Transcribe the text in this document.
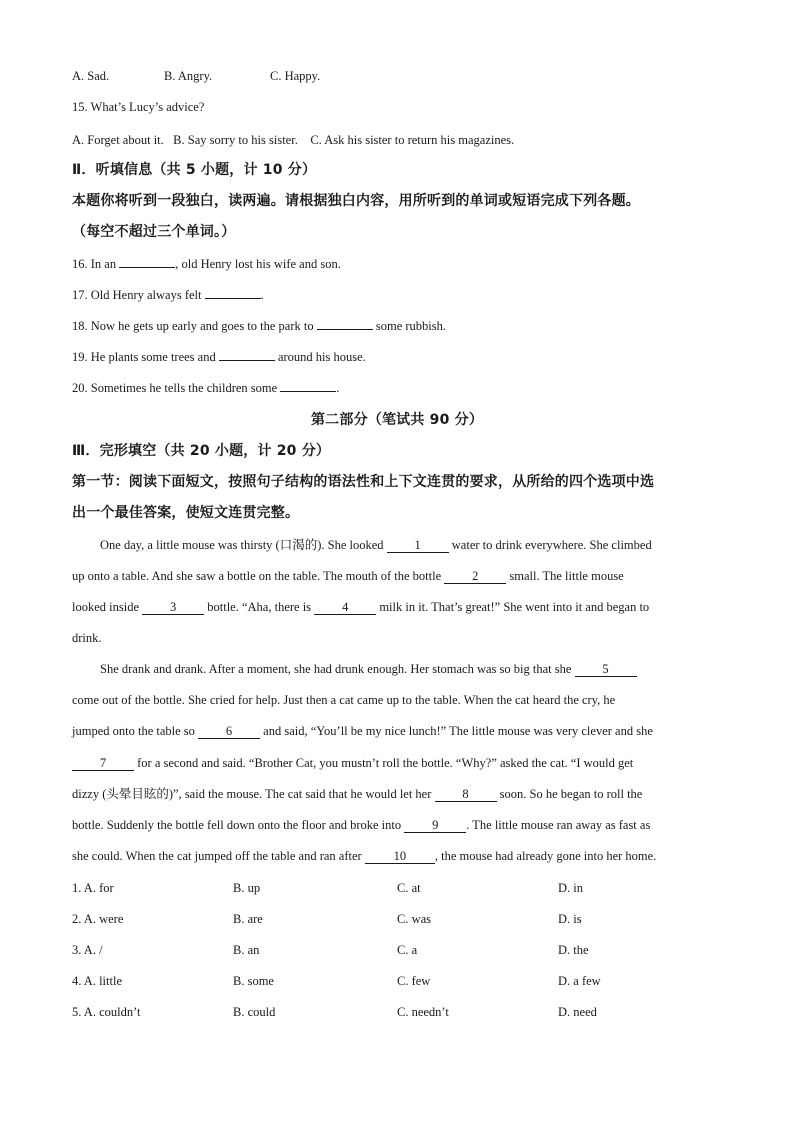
A. Sad.	B. Angry.	C. Happy.
15. What’s Lucy’s advice?
A. Forget about it. B. Say sorry to his sister. C. Ask his sister to return his magazines.
Ⅱ．听填信息（共 5 小题，计 10 分）
本题你将听到一段独白，读两遍。请根据独白内容，用所听到的单词或短语完成下列各题。
（每空不超过三个单词。）
16. In an	, old Henry lost his wife and son.
17. Old Henry always felt	.
18. Now he gets up early and goes to the park to	some rubbish.
19. He plants some trees and	around his house.
20. Sometimes he tells the children some	.
第二部分（笔试共 90 分）
Ⅲ．完形填空（共 20 小题，计 20 分）
第一节：阅读下面短文，按照句子结构的语法性和上下文连贯的要求，从所给的四个选项中选
出一个最佳答案，使短文连贯完整。
One day, a little mouse was thirsty (口渴的). She looked 1 water to drink everywhere. She climbed
up onto a table. And she saw a bottle on the table. The mouth of the bottle 2 small. The little mouse
looked inside 3 bottle. “Aha, there is 4 milk in it. That’s great!” She went into it and began to
drink.
She drank and drank. After a moment, she had drunk enough. Her stomach was so big that she 5
come out of the bottle. She cried for help. Just then a cat came up to the table. When the cat heard the cry, he
jumped onto the table so 6 and said, “You’ll be my nice lunch!” The little mouse was very clever and she
7 for a second and said. “Brother Cat, you mustn’t roll the bottle. “Why?” asked the cat. “I would get
dizzy (头晕目眩的)”, said the mouse. The cat said that he would let her 8 soon. So he began to roll the
bottle. Suddenly the bottle fell down onto the floor and broke into 9 . The little mouse ran away as fast as
she could. When the cat jumped off the table and ran after 10 , the mouse had already gone into her home.
1. A. for	B. up	C. at	D. in
2. A. were	B. are	C. was	D. is
3. A. /	B. an	C. a	D. the
4. A. little	B. some	C. few	D. a few
5. A. couldn’t	B. could	C. needn’t	D. need
